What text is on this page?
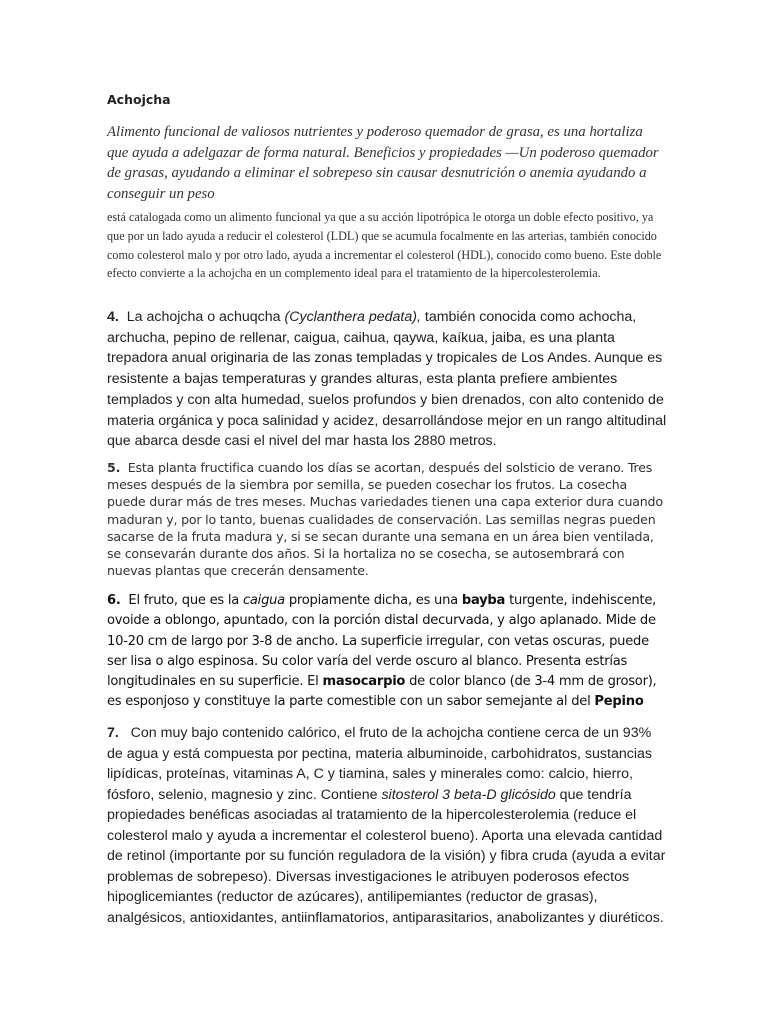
Achojcha

Alimento funcional de valiosos nutrientes y poderoso quemador de grasa, es una hortaliza que ayuda a adelgazar de forma natural. Beneficios y propiedades —Un poderoso quemador de grasas, ayudando a eliminar el sobrepeso sin causar desnutrición o anemia ayudando a conseguir un peso

está catalogada como un alimento funcional ya que a su acción lipotrópica le otorga un doble efecto positivo, ya que por un lado ayuda a reducir el colesterol (LDL) que se acumula focalmente en las arterias, también conocido como colesterol malo y por otro lado, ayuda a incrementar el colesterol (HDL), conocido como bueno. Este doble efecto convierte a la achojcha en un complemento ideal para el tratamiento de la hipercolesterolemia.

4. La achojcha o achuqcha (Cyclanthera pedata), también conocida como achocha, archucha, pepino de rellenar, caigua, caihua, qaywa, kaíkua, jaiba, es una planta trepadora anual originaria de las zonas templadas y tropicales de Los Andes. Aunque es resistente a bajas temperaturas y grandes alturas, esta planta prefiere ambientes templados y con alta humedad, suelos profundos y bien drenados, con alto contenido de materia orgánica y poca salinidad y acidez, desarrollándose mejor en un rango altitudinal que abarca desde casi el nivel del mar hasta los 2880 metros.

5. Esta planta fructifica cuando los días se acortan, después del solsticio de verano. Tres meses después de la siembra por semilla, se pueden cosechar los frutos. La cosecha puede durar más de tres meses. Muchas variedades tienen una capa exterior dura cuando maduran y, por lo tanto, buenas cualidades de conservación. Las semillas negras pueden sacarse de la fruta madura y, si se secan durante una semana en un área bien ventilada, se consevarán durante dos años. Si la hortaliza no se cosecha, se autosembrará con nuevas plantas que crecerán densamente.

6. El fruto, que es la caigua propiamente dicha, es una bayba turgente, indehiscente, ovoide a oblongo, apuntado, con la porción distal decurvada, y algo aplanado. Mide de 10-20 cm de largo por 3-8 de ancho. La superficie irregular, con vetas oscuras, puede ser lisa o algo espinosa. Su color varía del verde oscuro al blanco. Presenta estrías longitudinales en su superficie. El masocarpio de color blanco (de 3-4 mm de grosor), es esponjoso y constituye la parte comestible con un sabor semejante al del Pepino

7. Con muy bajo contenido calórico, el fruto de la achojcha contiene cerca de un 93% de agua y está compuesta por pectina, materia albuminoide, carbohidratos, sustancias lipídicas, proteínas, vitaminas A, C y tiamina, sales y minerales como: calcio, hierro, fósforo, selenio, magnesio y zinc. Contiene sitosterol 3 beta-D glicósido que tendría propiedades benéficas asociadas al tratamiento de la hipercolesterolemia (reduce el colesterol malo y ayuda a incrementar el colesterol bueno). Aporta una elevada cantidad de retinol (importante por su función reguladora de la visión) y fibra cruda (ayuda a evitar problemas de sobrepeso). Diversas investigaciones le atribuyen poderosos efectos hipoglicemiantes (reductor de azúcares), antilipemiantes (reductor de grasas), analgésicos, antioxidantes, antiinflamatorios, antiparasitarios, anabolizantes y diuréticos.
